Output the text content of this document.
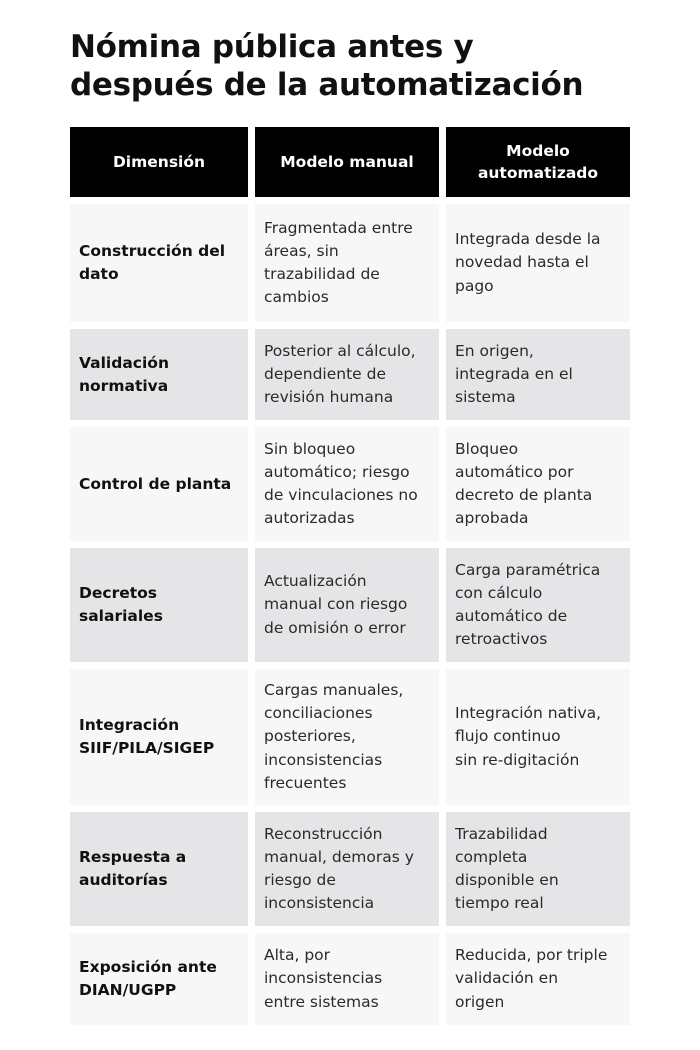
Nómina pública antes y
después de la automatización
Dimensión	Modelo manual
Modelo
automatizado
Construcción del
dato
Fragmentada entre
áreas, sin
trazabilidad de
cambios
Integrada desde la
novedad hasta el
pago
Validación
normativa
Posterior al cálculo,
dependiente de
revisión humana
En origen,
integrada en el
sistema
Control de planta
Sin bloqueo
automático; riesgo
de vinculaciones no
autorizadas
Bloqueo
automático por
decreto de planta
aprobada
Decretos
salariales
Actualización
manual con riesgo
de omisión o error
Carga paramétrica
con cálculo
automático de
retroactivos
Integración
SIIF/PILA/SIGEP
Cargas manuales,
conciliaciones
posteriores,
inconsistencias
frecuentes
Integración nativa,
flujo continuo
sin re-digitación
Respuesta a
auditorías
Reconstrucción
manual, demoras y
riesgo de
inconsistencia
Trazabilidad
completa
disponible en
tiempo real
Exposición ante
DIAN/UGPP
Alta, por
inconsistencias
entre sistemas
Reducida, por triple
validación en
origen
